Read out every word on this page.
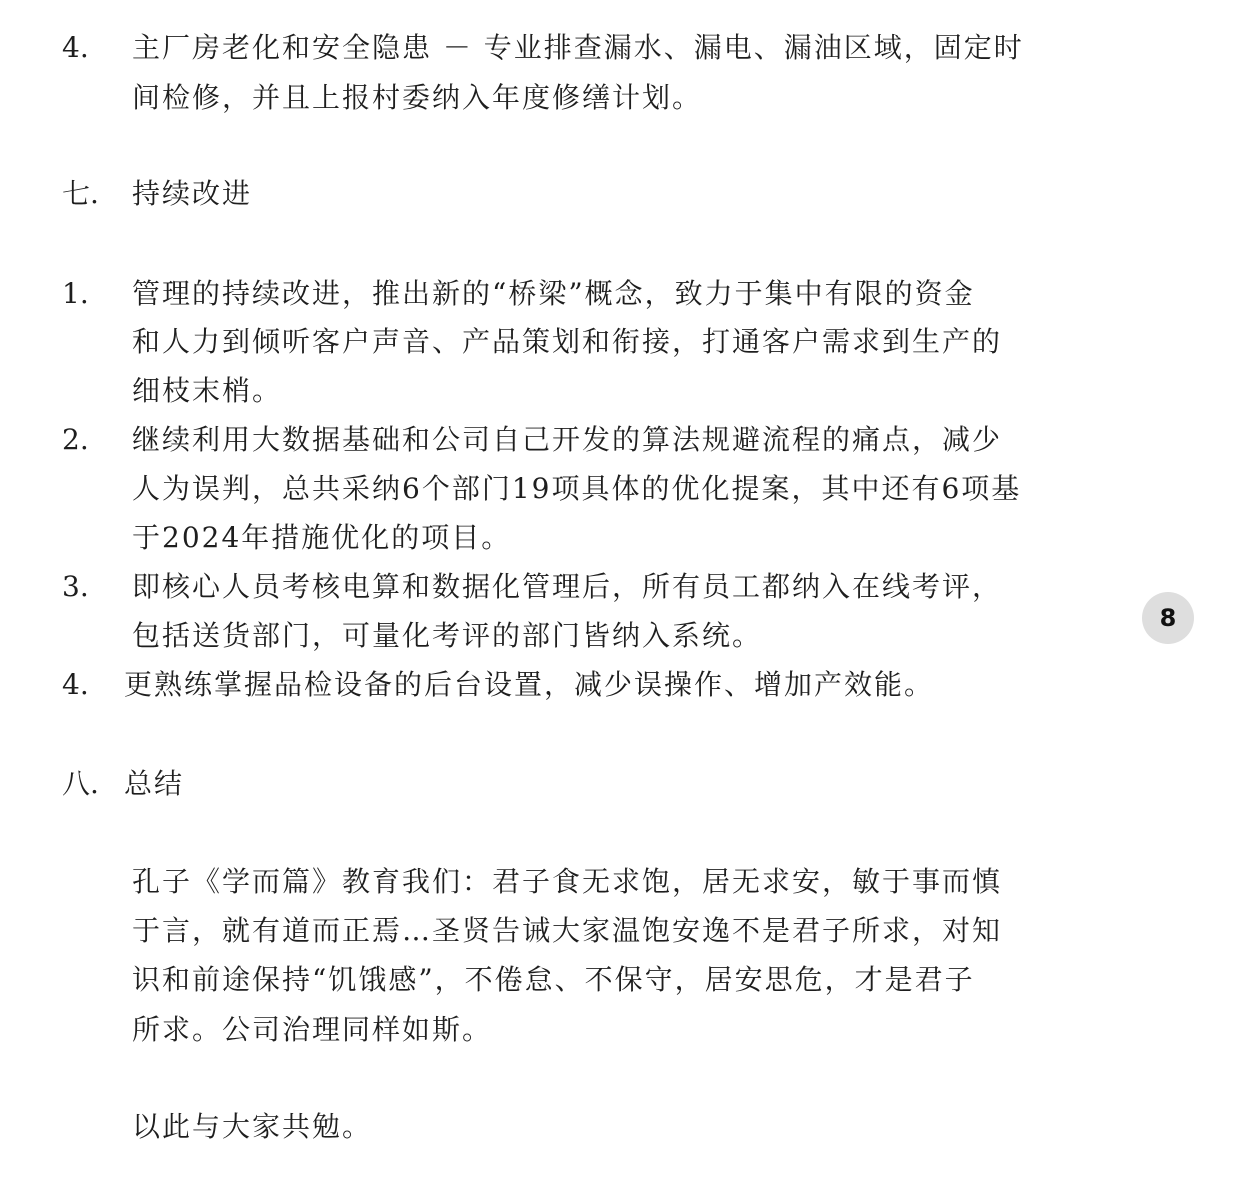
4. 主厂房老化和安全隐患 － 专业排查漏水、漏电、漏油区域，固定时
间检修，并且上报村委纳入年度修缮计划。
七. 持续改进
1. 管理的持续改进，推出新的“桥梁”概念，致力于集中有限的资金
和人力到倾听客户声音、产品策划和衔接，打通客户需求到生产的
细枝末梢。
2. 继续利用大数据基础和公司自己开发的算法规避流程的痛点，减少
人为误判，总共采纳6个部门19项具体的优化提案，其中还有6项基
于2024年措施优化的项目。
3. 即核心人员考核电算和数据化管理后，所有员工都纳入在线考评，
包括送货部门，可量化考评的部门皆纳入系统。
4. 更熟练掌握品检设备的后台设置，减少误操作、增加产效能。
八. 总结
孔子《学而篇》教育我们：君子食无求饱，居无求安，敏于事而慎
于言，就有道而正焉…圣贤告诫大家温饱安逸不是君子所求，对知
识和前途保持“饥饿感”，不倦怠、不保守，居安思危，才是君子
所求。公司治理同样如斯。
以此与大家共勉。
8
